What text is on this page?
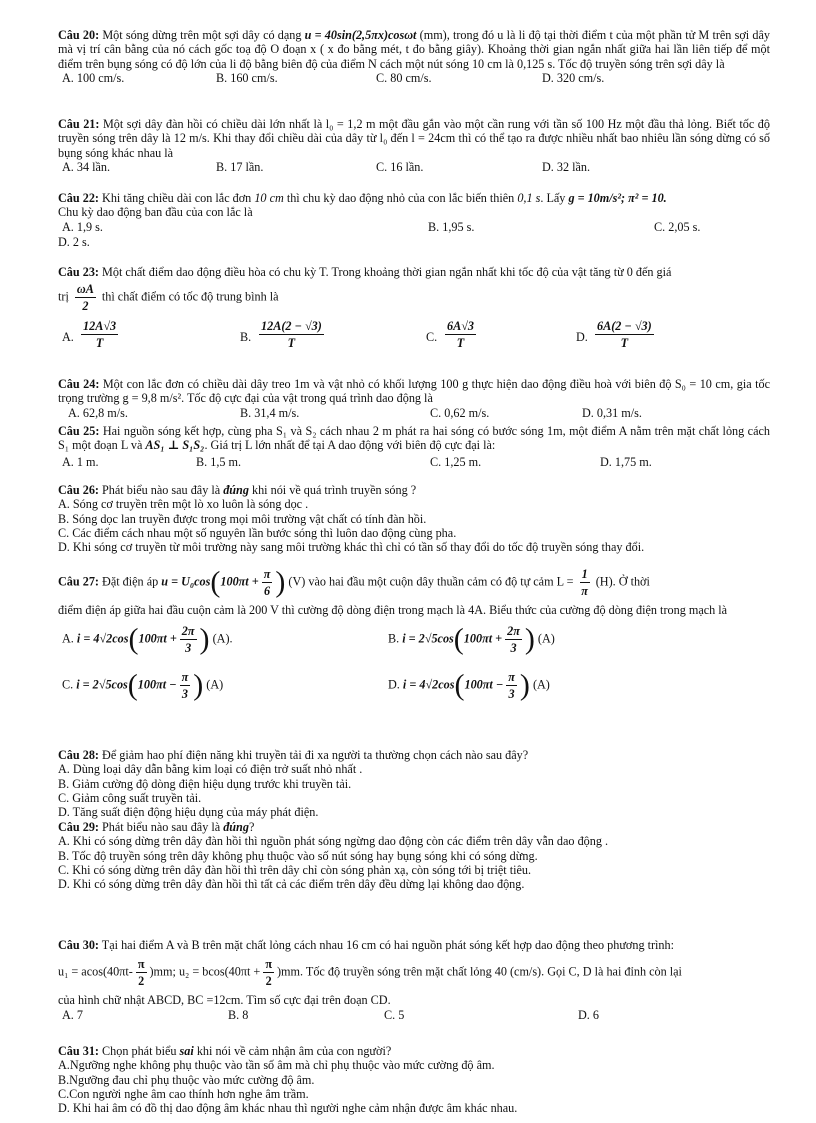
Câu 20: Một sóng dừng trên một sợi dây có dạng u = 40sin(2,5πx)cosωt (mm), trong đó u là li độ tại thời điểm t của một phần tử M trên sợi dây mà vị trí cân bằng của nó cách gốc toạ độ O đoạn x ( x đo bằng mét, t đo bằng giây). Khoảng thời gian ngắn nhất giữa hai lần liên tiếp để một điểm trên bụng sóng có độ lớn của li độ bằng biên độ của điểm N cách một nút sóng 10 cm là 0,125 s. Tốc độ truyền sóng trên sợi dây là

A. 100 cm/s.	B. 160 cm/s.	C. 80 cm/s.	D. 320 cm/s.

Câu 21: Một sợi dây đàn hồi có chiều dài lớn nhất là l₀ = 1,2 m một đầu gắn vào một cần rung với tần số 100 Hz một đầu thả lỏng. Biết tốc độ truyền sóng trên dây là 12 m/s. Khi thay đổi chiều dài của dây từ l₀ đến l = 24cm thì có thể tạo ra được nhiều nhất bao nhiêu lần sóng dừng có số bụng sóng khác nhau là

A. 34 lần.	B. 17 lần.	C. 16 lần.	D. 32 lần.

Câu 22: Khi tăng chiều dài con lắc đơn 10 cm thì chu kỳ dao động nhỏ của con lắc biến thiên 0,1 s. Lấy g = 10m/s²; π² = 10.

Chu kỳ dao động ban đầu của con lắc là

A. 1,9 s.	B. 1,95 s.	C. 2,05 s.
D. 2 s.

Câu 23: Một chất điểm dao động điều hòa có chu kỳ T. Trong khoảng thời gian ngắn nhất khi tốc độ của vật tăng từ 0 đến giá

trị $\frac{\omega A}{2}$ thì chất điểm có tốc độ trung bình là
A. $\frac{12A√3}{T}$	B. $\frac{12A(2 - √3)}{T}$	C. $\frac{6A√3}{T}$	D. $\frac{6A(2 - √3)}{T}$

Câu 24: Một con lắc đơn có chiều dài dây treo 1m và vật nhỏ có khối lượng 100 g thực hiện dao động điều hoà với biên độ S₀ = 10 cm, gia tốc trọng trường g = 9,8 m/s². Tốc độ cực đại của vật trong quá trình dao động là

A. 62,8 m/s.	B. 31,4 m/s.	C. 0,62 m/s.	D. 0,31 m/s.

Câu 25: Hai nguồn sóng kết hợp, cùng pha S₁ và S₂ cách nhau 2 m phát ra hai sóng có bước sóng 1m, một điểm A nằm trên mặt chất lỏng cách S₁ một đoạn L và AS₁ ⊥ S₁S₂. Giá trị L lớn nhất để tại A dao động với biên độ cực đại là:

A. 1 m.	B. 1,5 m.	C. 1,25 m.	D. 1,75 m.

Câu 26: Phát biểu nào sau đây là đúng khi nói về quá trình truyền sóng ?

A. Sóng cơ truyền trên một lò xo luôn là sóng dọc .

B. Sóng dọc lan truyền được trong mọi môi trường vật chất có tính đàn hồi.

C. Các điểm cách nhau một số nguyên lần bước sóng thì luôn dao động cùng pha.

D. Khi sóng cơ truyền từ môi trường này sang môi trường khác thì chỉ có tần số thay đổi do tốc độ truyền sóng thay đổi.

Câu 27: Đặt điện áp $u = U_0\cos(100\pi t + \frac{\pi}{6}$ ) (V) vào hai đầu một cuộn dây thuần cảm có độ tự cảm $L = \frac{1}{\pi} (H)$. Ở thời

điểm điện áp giữa hai đầu cuộn cảm là 200 V thì cường độ dòng điện trong mạch là 4A. Biểu thức của cường độ dòng điện trong mạch là

A. $i = 4√2\cos(100\pi t + \frac{2\pi}{3}$ ) (A).	B. $i = 2√5\cos(100\pi t + \frac{2\pi}{3}$ ) (A)
C. $i = 2√5\cos(100\pi t - \frac{\pi}{3}$ ) (A)	D. $i = 4√2\cos(100\pi t - \frac{\pi}{3}$ ) (A)

Câu 28: Để giảm hao phí điện năng khi truyền tải đi xa người ta thường chọn cách nào sau đây?

A. Dùng loại dây dẫn bằng kim loại có điện trở suất nhỏ nhất .

B. Giảm cường độ dòng điện hiệu dụng trước khi truyền tải.

C. Giảm công suất truyền tải.

D. Tăng suất điện động hiệu dụng của máy phát điện.

Câu 29: Phát biểu nào sau đây là đúng?

A. Khi có sóng dừng trên dây đàn hồi thì nguồn phát sóng ngừng dao động còn các điểm trên dây vẫn dao động .

B. Tốc độ truyền sóng trên dây không phụ thuộc vào số nút sóng hay bụng sóng khi có sóng dừng.

C. Khi có sóng dừng trên dây đàn hồi thì trên dây chỉ còn sóng phản xạ, còn sóng tới bị triệt tiêu.

D. Khi có sóng dừng trên dây đàn hồi thì tất cả các điểm trên dây đều dừng lại không dao động.

Câu 30: Tại hai điểm A và B trên mặt chất lỏng cách nhau 16 cm có hai nguồn phát sóng kết hợp dao động theo phương trình:

$u_1 = acos(40\pi t- \frac{\pi}{2} )mm$; $u_2 = bcos(40\pi t + \frac{\pi}{2} )mm$. Tốc độ truyền sóng trên mặt chất lỏng 40 (cm/s). Gọi C, D là hai đỉnh còn lại

của hình chữ nhật ABCD, BC =12cm. Tìm số cực đại trên đoạn CD.

A. 7	B. 8	C. 5	D. 6

Câu 31: Chọn phát biểu sai khi nói về cảm nhận âm của con người?

A.Ngưỡng nghe không phụ thuộc vào tần số âm mà chỉ phụ thuộc vào mức cường độ âm.

B.Ngưỡng đau chỉ phụ thuộc vào mức cường độ âm.

C.Con người nghe âm cao thính hơn nghe âm trầm.

D. Khi hai âm có đồ thị dao động âm khác nhau thì người nghe cảm nhận được âm khác nhau.
